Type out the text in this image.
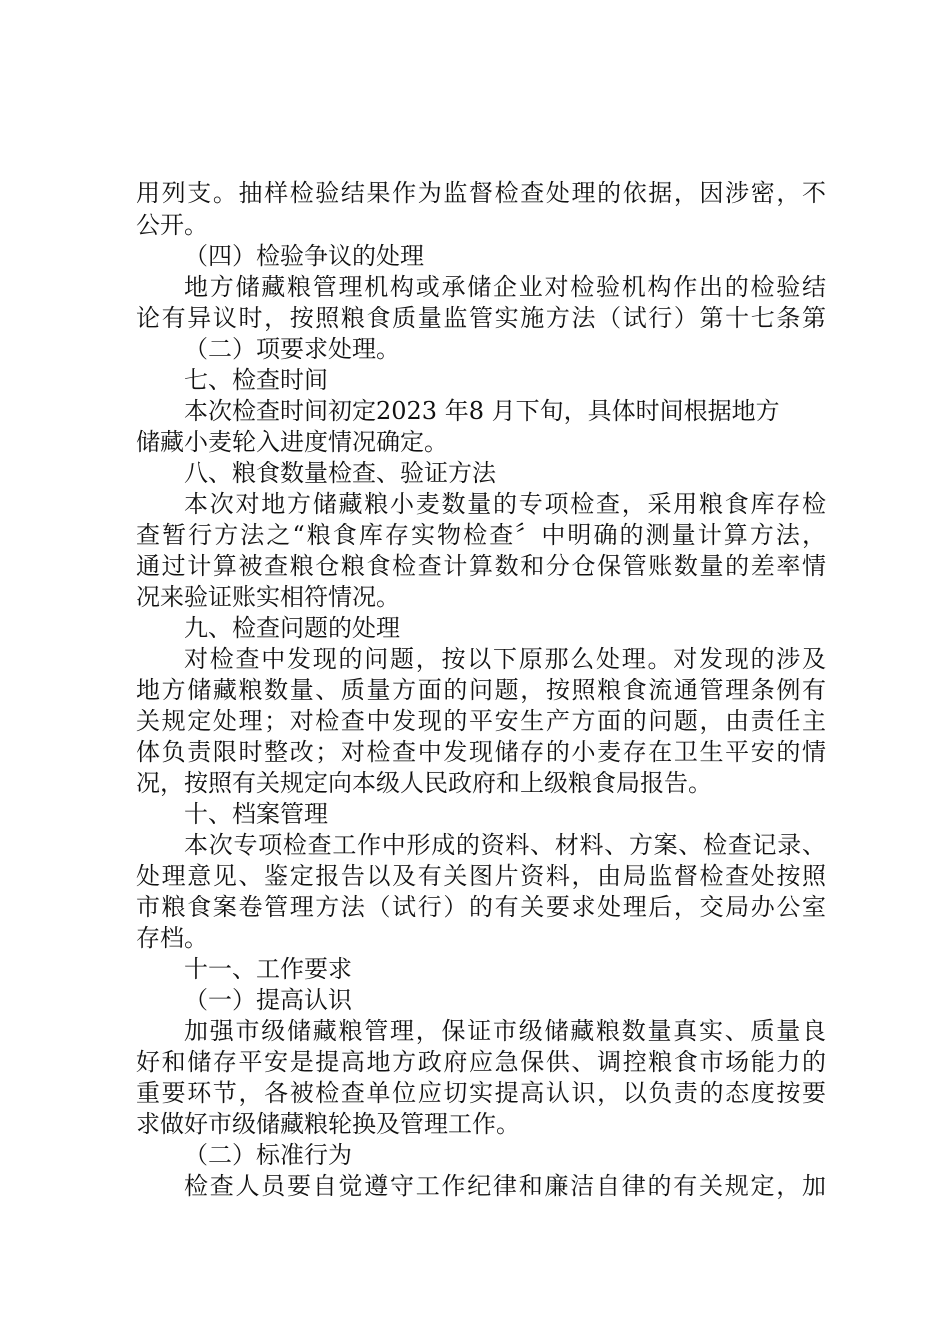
用列支。抽样检验结果作为监督检查处理的依据，因涉密，不
公开。
（四）检验争议的处理
地方储藏粮管理机构或承储企业对检验机构作出的检验结
论有异议时，按照粮食质量监管实施方法（试行）第十七条第
（二）项要求处理。
七、检查时间
本次检查时间初定2023 年8 月下旬，具体时间根据地方
储藏小麦轮入进度情况确定。
八、粮食数量检查、验证方法
本次对地方储藏粮小麦数量的专项检查，采用粮食库存检
查暂行方法之“粮食库存实物检查〞中明确的测量计算方法，
通过计算被查粮仓粮食检查计算数和分仓保管账数量的差率情
况来验证账实相符情况。
九、检查问题的处理
对检查中发现的问题，按以下原那么处理。对发现的涉及
地方储藏粮数量、质量方面的问题，按照粮食流通管理条例有
关规定处理；对检查中发现的平安生产方面的问题，由责任主
体负责限时整改；对检查中发现储存的小麦存在卫生平安的情
况，按照有关规定向本级人民政府和上级粮食局报告。
十、档案管理
本次专项检查工作中形成的资料、材料、方案、检查记录、
处理意见、鉴定报告以及有关图片资料，由局监督检查处按照
市粮食案卷管理方法（试行）的有关要求处理后，交局办公室
存档。
十一、工作要求
（一）提高认识
加强市级储藏粮管理，保证市级储藏粮数量真实、质量良
好和储存平安是提高地方政府应急保供、调控粮食市场能力的
重要环节，各被检查单位应切实提高认识，以负责的态度按要
求做好市级储藏粮轮换及管理工作。
（二）标准行为
检查人员要自觉遵守工作纪律和廉洁自律的有关规定，加
